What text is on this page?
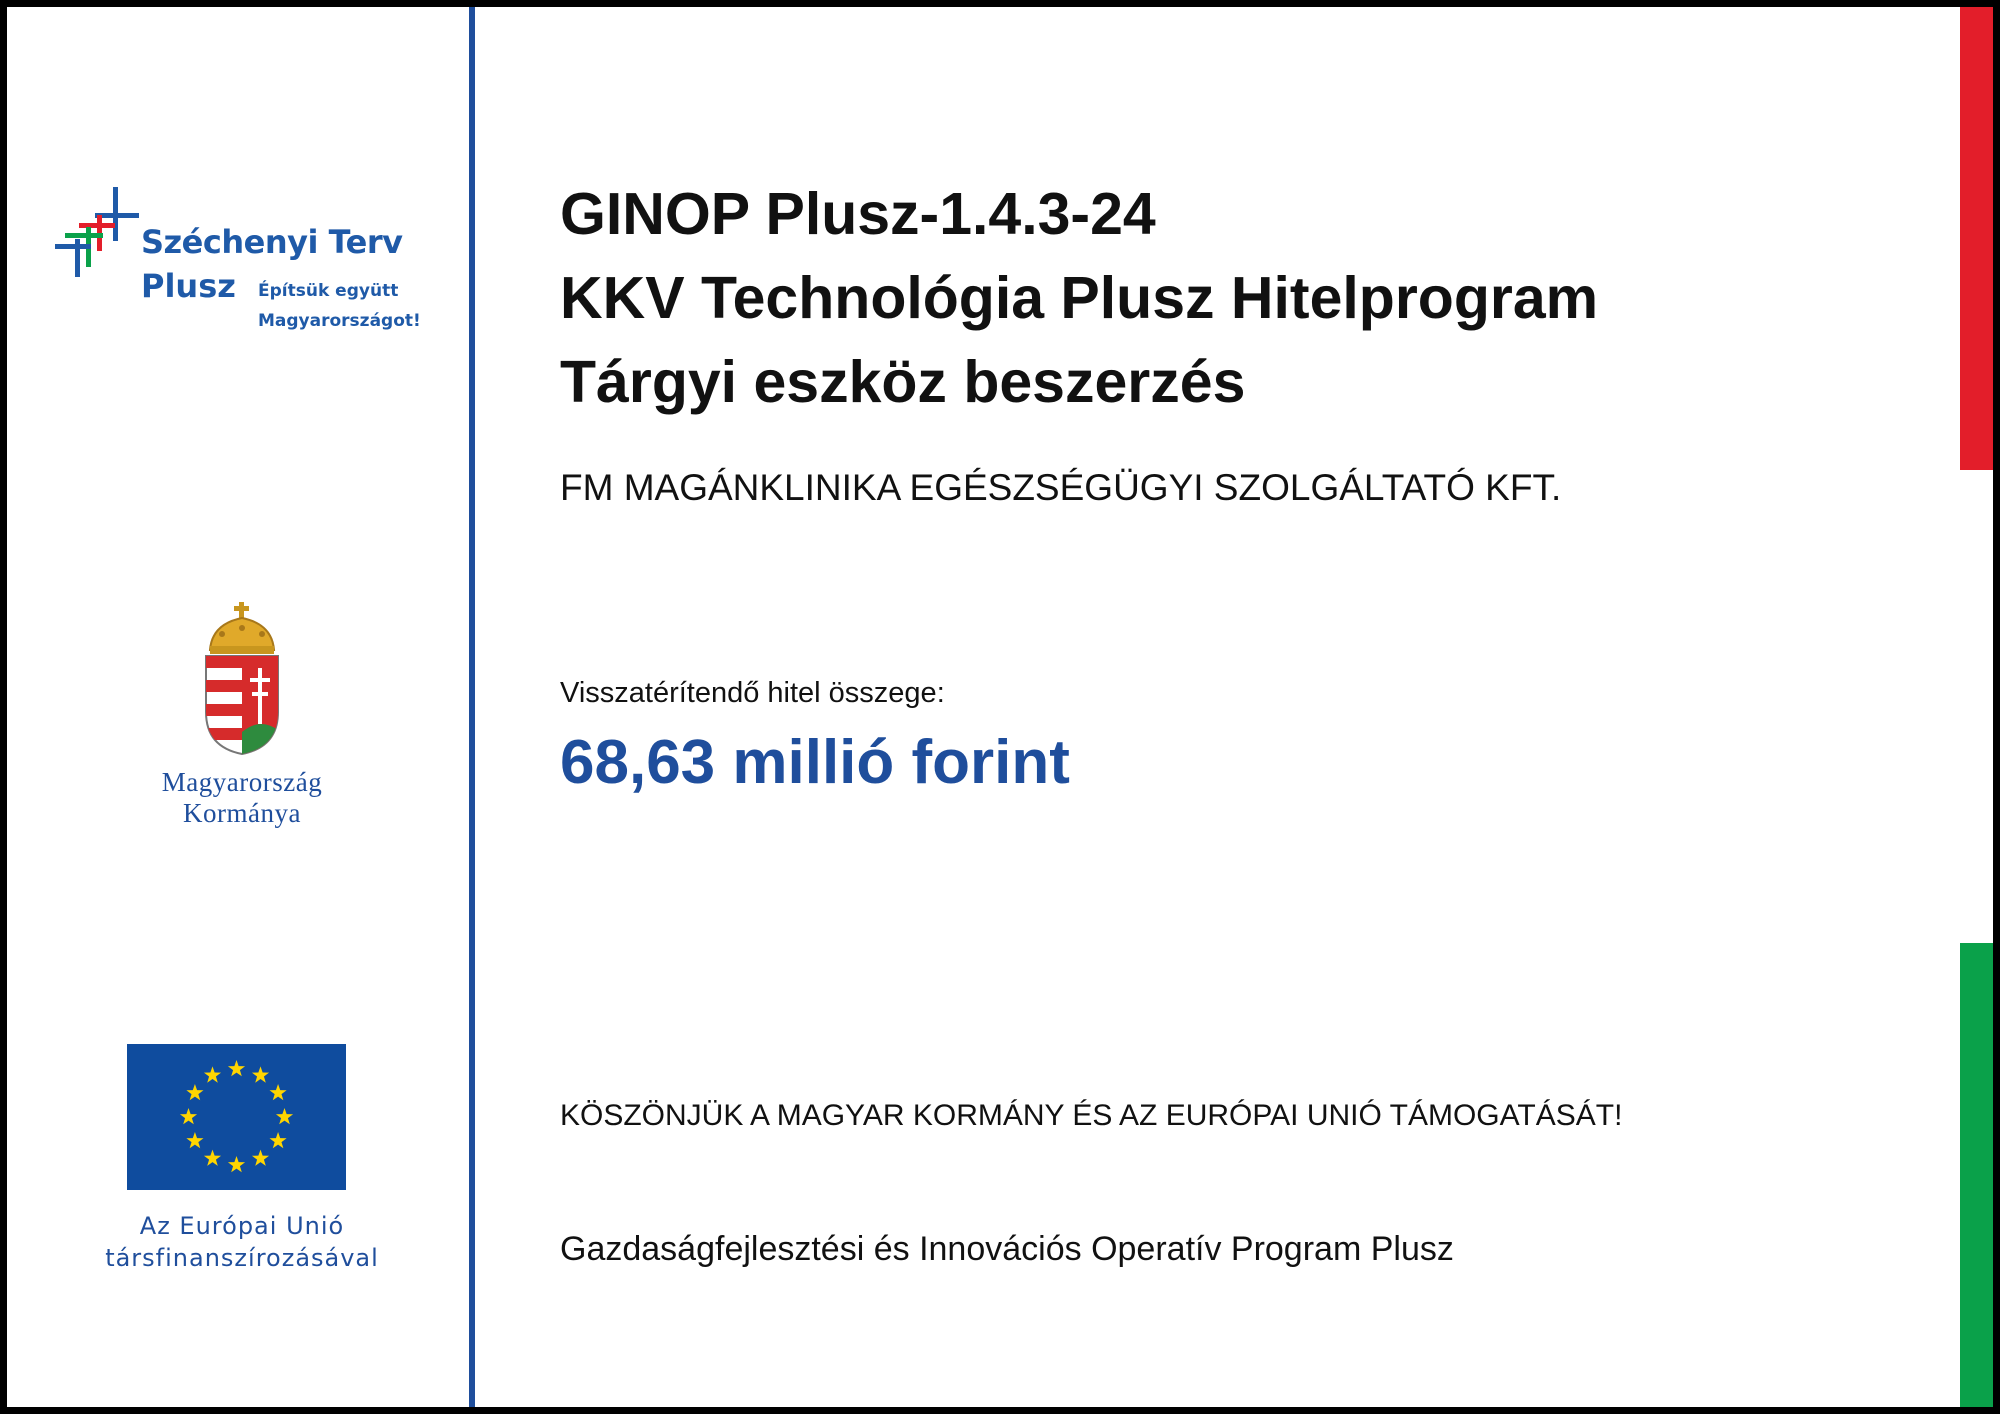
Széchenyi Terv
Plusz Építsük együtt
Magyarországot!
Magyarország
Kormánya
Az Európai Unió
társfinanszírozásával
GINOP Plusz-1.4.3-24
KKV Technológia Plusz Hitelprogram
Tárgyi eszköz beszerzés
FM MAGÁNKLINIKA EGÉSZSÉGÜGYI SZOLGÁLTATÓ KFT.
Visszatérítendő hitel összege:
68,63 millió forint
KÖSZÖNJÜK A MAGYAR KORMÁNY ÉS AZ EURÓPAI UNIÓ TÁMOGATÁSÁT!
Gazdaságfejlesztési és Innovációs Operatív Program Plusz
